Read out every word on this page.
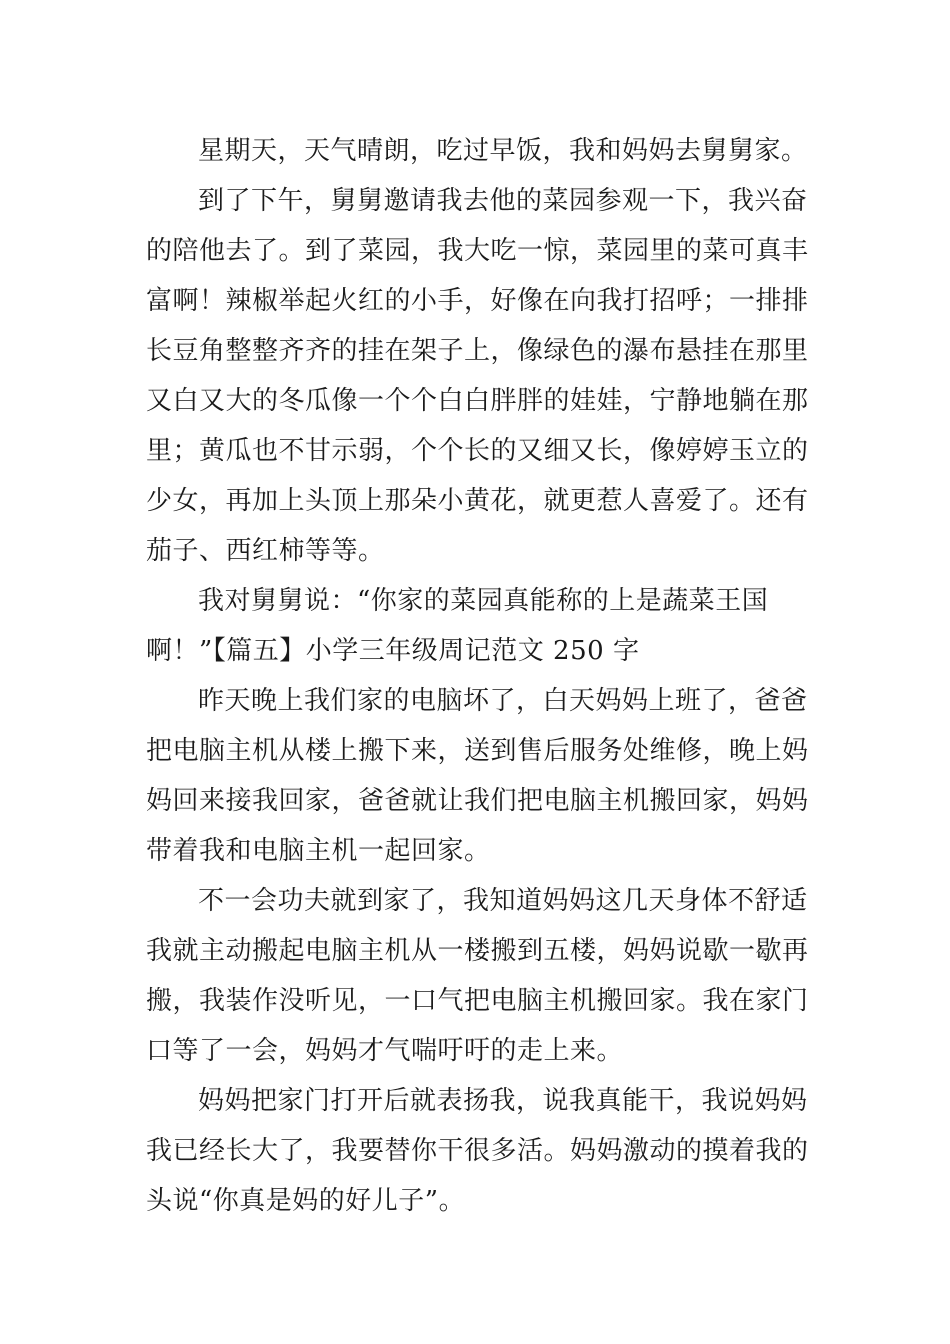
星期天，天气晴朗，吃过早饭，我和妈妈去舅舅家。
到了下午，舅舅邀请我去他的菜园参观一下，我兴奋
的陪他去了。到了菜园，我大吃一惊，菜园里的菜可真丰
富啊！辣椒举起火红的小手，好像在向我打招呼；一排排
长豆角整整齐齐的挂在架子上，像绿色的瀑布悬挂在那里
又白又大的冬瓜像一个个白白胖胖的娃娃，宁静地躺在那
里；黄瓜也不甘示弱，个个长的又细又长，像婷婷玉立的
少女，再加上头顶上那朵小黄花，就更惹人喜爱了。还有
茄子、西红柿等等。
我对舅舅说：“你家的菜园真能称的上是蔬菜王国
啊！”【篇五】小学三年级周记范文 250 字
昨天晚上我们家的电脑坏了，白天妈妈上班了，爸爸
把电脑主机从楼上搬下来，送到售后服务处维修，晚上妈
妈回来接我回家，爸爸就让我们把电脑主机搬回家，妈妈
带着我和电脑主机一起回家。
不一会功夫就到家了，我知道妈妈这几天身体不舒适
我就主动搬起电脑主机从一楼搬到五楼，妈妈说歇一歇再
搬，我装作没听见，一口气把电脑主机搬回家。我在家门
口等了一会，妈妈才气喘吁吁的走上来。
妈妈把家门打开后就表扬我，说我真能干，我说妈妈
我已经长大了，我要替你干很多活。妈妈激动的摸着我的
头说“你真是妈的好儿子”。
